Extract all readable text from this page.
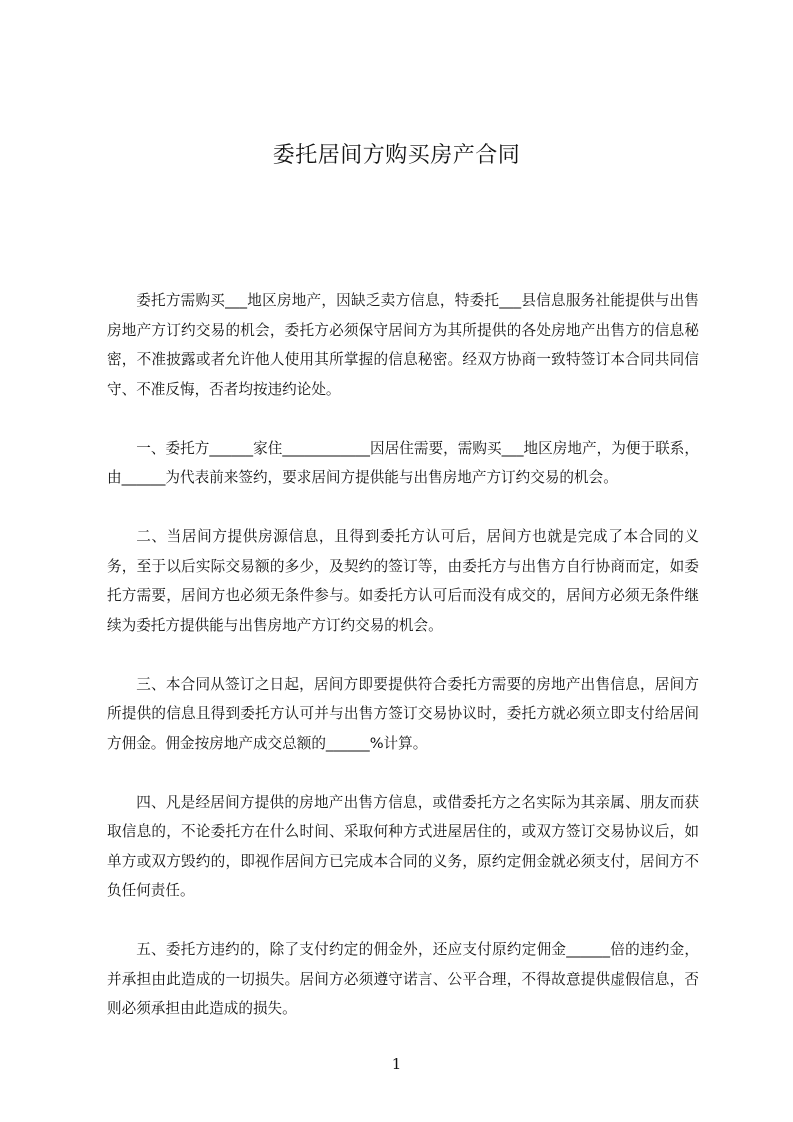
委托居间方购买房产合同

委托方需购买___地区房地产，因缺乏卖方信息，特委托___县信息服务社能提供与出售房地产方订约交易的机会，委托方必须保守居间方为其所提供的各处房地产出售方的信息秘密，不准披露或者允许他人使用其所掌握的信息秘密。经双方协商一致特签订本合同共同信守、不准反悔，否者均按违约论处。

一、委托方______家住____________因居住需要，需购买___地区房地产，为便于联系，由______为代表前来签约，要求居间方提供能与出售房地产方订约交易的机会。

二、当居间方提供房源信息，且得到委托方认可后，居间方也就是完成了本合同的义务，至于以后实际交易额的多少，及契约的签订等，由委托方与出售方自行协商而定，如委托方需要，居间方也必须无条件参与。如委托方认可后而没有成交的，居间方必须无条件继续为委托方提供能与出售房地产方订约交易的机会。

三、本合同从签订之日起，居间方即要提供符合委托方需要的房地产出售信息，居间方所提供的信息且得到委托方认可并与出售方签订交易协议时，委托方就必须立即支付给居间方佣金。佣金按房地产成交总额的______%计算。

四、凡是经居间方提供的房地产出售方信息，或借委托方之名实际为其亲属、朋友而获取信息的，不论委托方在什么时间、采取何种方式进屋居住的，或双方签订交易协议后，如单方或双方毁约的，即视作居间方已完成本合同的义务，原约定佣金就必须支付，居间方不负任何责任。

五、委托方违约的，除了支付约定的佣金外，还应支付原约定佣金______倍的违约金，并承担由此造成的一切损失。居间方必须遵守诺言、公平合理，不得故意提供虚假信息，否则必须承担由此造成的损失。

1
